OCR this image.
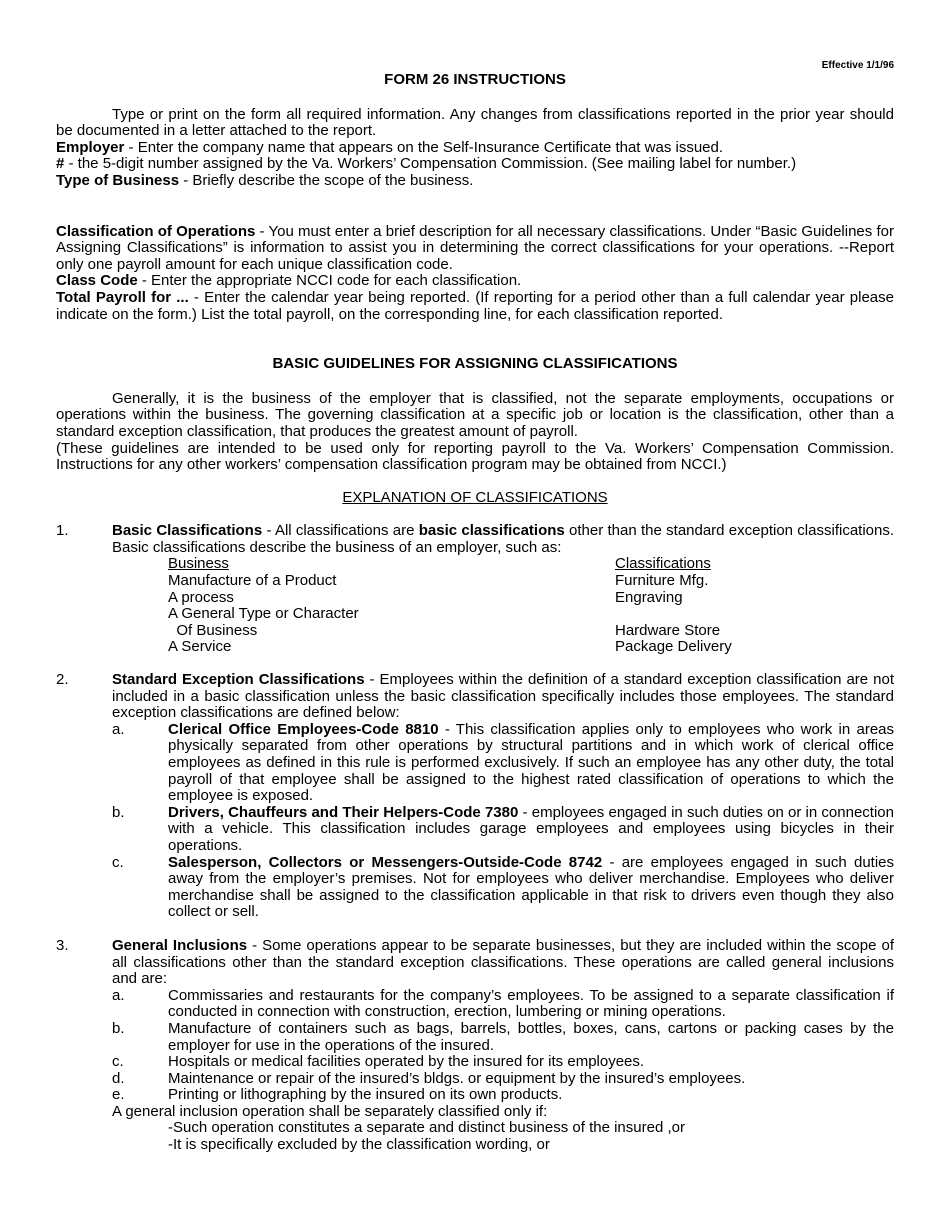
Effective 1/1/96
FORM 26 INSTRUCTIONS

Type or print on the form all required information. Any changes from classifications reported in the prior year should be documented in a letter attached to the report.

Employer - Enter the company name that appears on the Self-Insurance Certificate that was issued.

# - the 5-digit number assigned by the Va. Workers’ Compensation Commission. (See mailing label for number.)

Type of Business - Briefly describe the scope of the business.

Classification of Operations - You must enter a brief description for all necessary classifications. Under “Basic Guidelines for Assigning Classifications” is information to assist you in determining the correct classifications for your operations. --Report only one payroll amount for each unique classification code.

Class Code - Enter the appropriate NCCI code for each classification.

Total Payroll for ... - Enter the calendar year being reported. (If reporting for a period other than a full calendar year please indicate on the form.) List the total payroll, on the corresponding line, for each classification reported.

BASIC GUIDELINES FOR ASSIGNING CLASSIFICATIONS

Generally, it is the business of the employer that is classified, not the separate employments, occupations or operations within the business. The governing classification at a specific job or location is the classification, other than a standard exception classification, that produces the greatest amount of payroll.

(These guidelines are intended to be used only for reporting payroll to the Va. Workers’ Compensation Commission. Instructions for any other workers’ compensation classification program may be obtained from NCCI.)

EXPLANATION OF CLASSIFICATIONS
1.	Basic Classifications - All classifications are basic classifications other than the standard exception classifications. Basic classifications describe the business of an employer, such as:

Business	Classifications
Manufacture of a Product	Furniture Mfg.
A process	Engraving
A General Type or Character
Of Business	Hardware Store
A Service	Package Delivery
2.	Standard Exception Classifications - Employees within the definition of a standard exception classification are not included in a basic classification unless the basic classification specifically includes those employees. The standard exception classifications are defined below:

a.	Clerical Office Employees-Code 8810 - This classification applies only to employees who work in areas physically separated from other operations by structural partitions and in which work of clerical office employees as defined in this rule is performed exclusively. If such an employee has any other duty, the total payroll of that employee shall be assigned to the highest rated classification of operations to which the employee is exposed.

b.	Drivers, Chauffeurs and Their Helpers-Code 7380 - employees engaged in such duties on or in connection with a vehicle. This classification includes garage employees and employees using bicycles in their operations.

c.	Salesperson, Collectors or Messengers-Outside-Code 8742 - are employees engaged in such duties away from the employer’s premises. Not for employees who deliver merchandise. Employees who deliver merchandise shall be assigned to the classification applicable in that risk to drivers even though they also collect or sell.

3.	General Inclusions - Some operations appear to be separate businesses, but they are included within the scope of all classifications other than the standard exception classifications. These operations are called general inclusions and are:

a.	Commissaries and restaurants for the company’s employees. To be assigned to a separate classification if conducted in connection with construction, erection, lumbering or mining operations.

b.	Manufacture of containers such as bags, barrels, bottles, boxes, cans, cartons or packing cases by the employer for use in the operations of the insured.

c.	Hospitals or medical facilities operated by the insured for its employees.

d.	Maintenance or repair of the insured’s bldgs. or equipment by the insured’s employees.

e.	Printing or lithographing by the insured on its own products.

A general inclusion operation shall be separately classified only if:

-Such operation constitutes a separate and distinct business of the insured ,or

-It is specifically excluded by the classification wording, or
